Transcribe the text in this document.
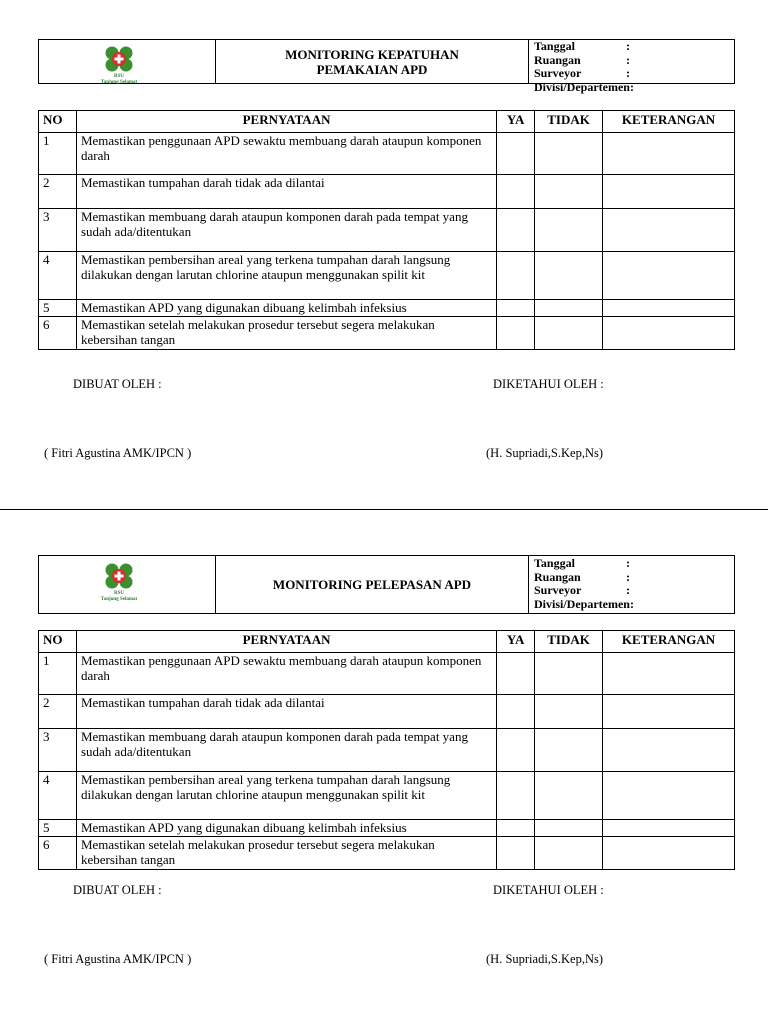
RSU
Tanjung Selamat
MONITORING KEPATUHAN
PEMAKAIAN APD
Tanggal	:
Ruangan	:
Surveyor	:
Divisi/Departemen:
NO	PERNYATAAN	YA	TIDAK	KETERANGAN
1	Memastikan penggunaan APD sewaktu membuang darah ataupun komponen darah			
2	Memastikan tumpahan darah tidak ada dilantai			
3	Memastikan membuang darah ataupun komponen darah pada tempat yang sudah ada/ditentukan			
4	Memastikan pembersihan areal yang terkena tumpahan darah langsung dilakukan dengan larutan chlorine ataupun menggunakan spilit kit			
5	Memastikan APD yang digunakan dibuang kelimbah infeksius			
6	Memastikan setelah melakukan prosedur tersebut segera melakukan kebersihan tangan			
DIBUAT OLEH :	DIKETAHUI OLEH :
( Fitri Agustina AMK/IPCN )	(H. Supriadi,S.Kep,Ns)
RSU
Tanjung Selamat
MONITORING PELEPASAN APD
Tanggal	:
Ruangan	:
Surveyor	:
Divisi/Departemen:
NO	PERNYATAAN	YA	TIDAK	KETERANGAN
1	Memastikan penggunaan APD sewaktu membuang darah ataupun komponen darah			
2	Memastikan tumpahan darah tidak ada dilantai			
3	Memastikan membuang darah ataupun komponen darah pada tempat yang sudah ada/ditentukan			
4	Memastikan pembersihan areal yang terkena tumpahan darah langsung dilakukan dengan larutan chlorine ataupun menggunakan spilit kit			
5	Memastikan APD yang digunakan dibuang kelimbah infeksius			
6	Memastikan setelah melakukan prosedur tersebut segera melakukan kebersihan tangan			
DIBUAT OLEH :	DIKETAHUI OLEH :
( Fitri Agustina AMK/IPCN )	(H. Supriadi,S.Kep,Ns)
